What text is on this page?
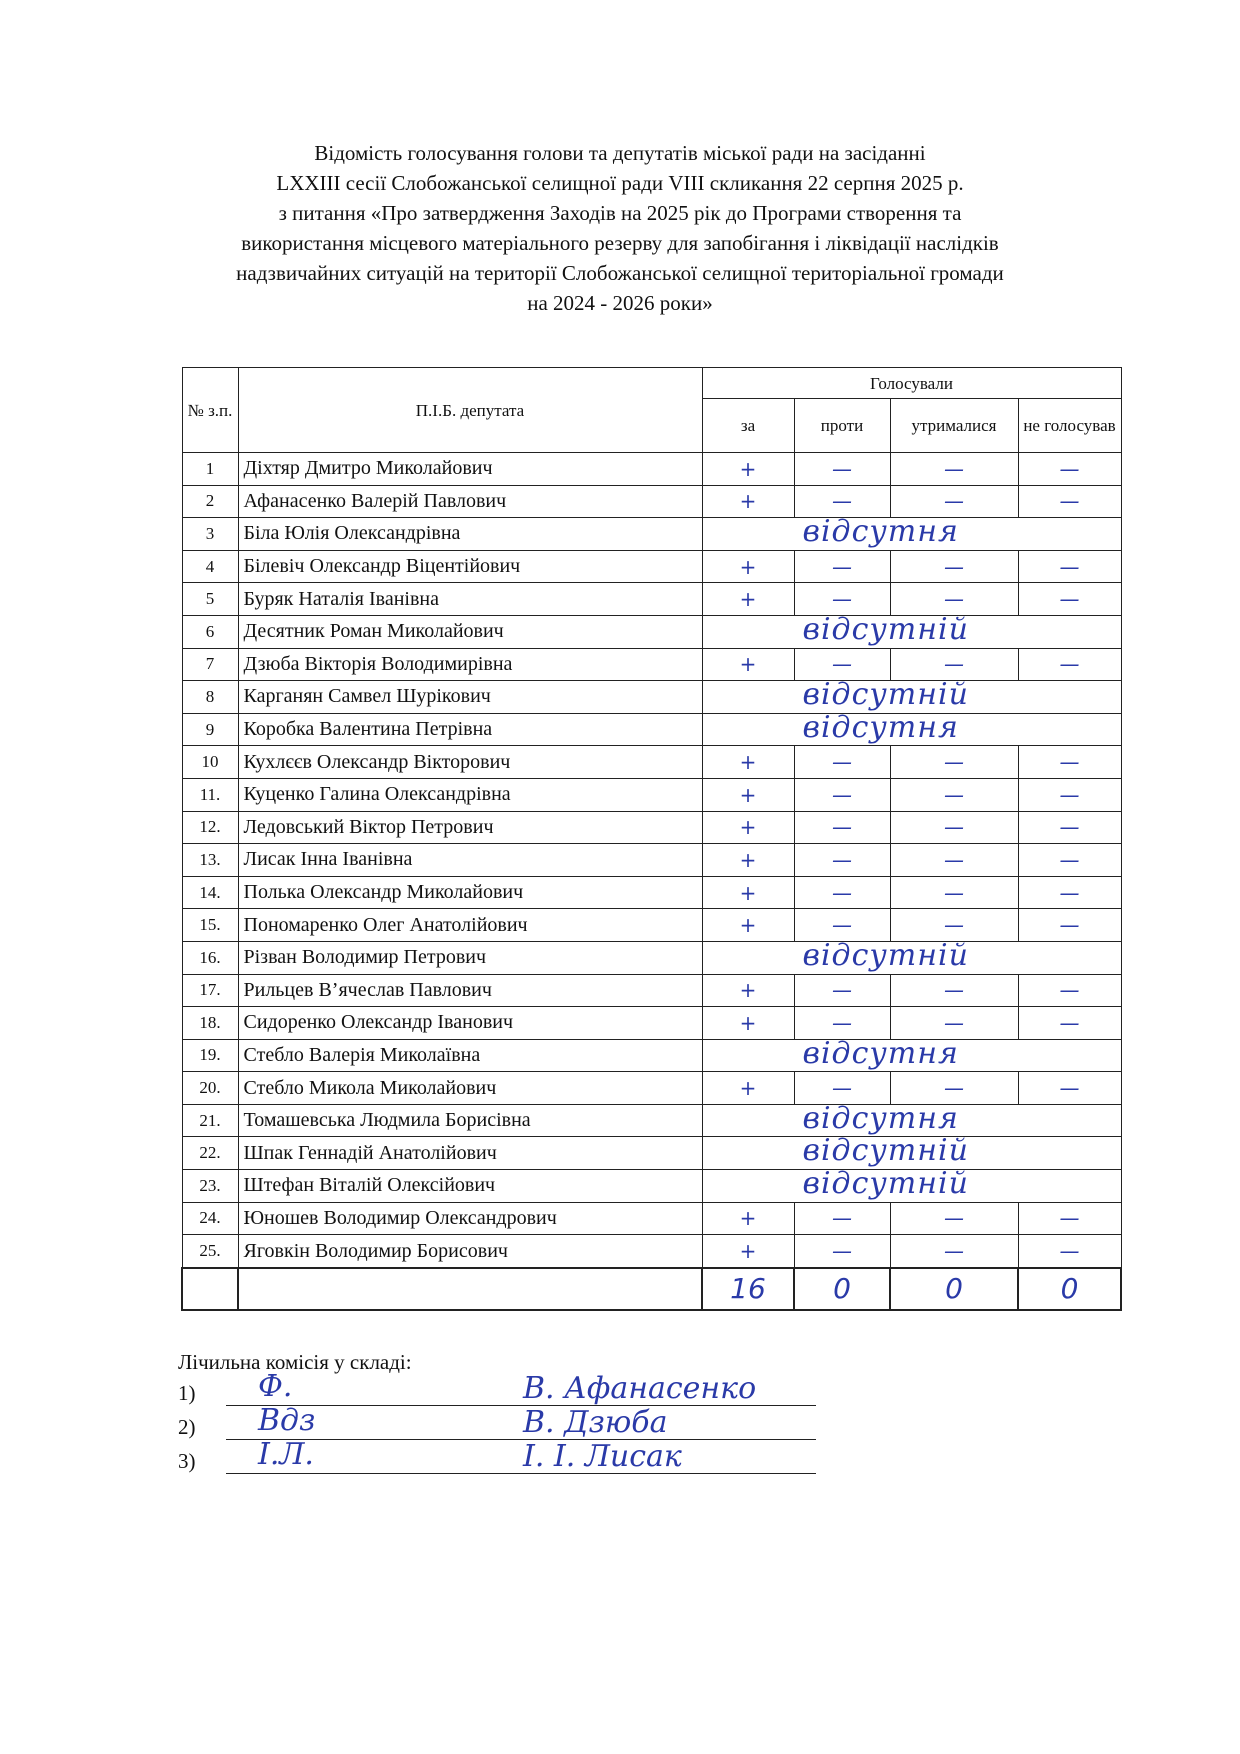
Відомість голосування голови та депутатів міської ради на засіданні
LXXIII сесії Слобожанської селищної ради VIII скликання 22 серпня 2025 р.
з питання «Про затвердження Заходів на 2025 рік до Програми створення та
використання місцевого матеріального резерву для запобігання і ліквідації наслідків
надзвичайних ситуацій на території Слобожанської селищної територіальної громади
на 2024 - 2026 роки»
№ з.п.	П.І.Б. депутата	Голосували			
		за	проти	утрималися	не голосував
1	Діхтяр Дмитро Миколайович	+	—	—	—
2	Афанасенко Валерій Павлович	+	—	—	—
3	Біла Юлія Олександрівна	відсутня			

4	Білевіч Олександр Віцентійович	+	—	—	—
5	Буряк Наталія Іванівна	+	—	—	—
6	Десятник Роман Миколайович	відсутній			

7	Дзюба Вікторія Володимирівна	+	—	—	—
8	Карганян Самвел Шурікович	відсутній			

9	Коробка Валентина Петрівна	відсутня			

10	Кухлєєв Олександр Вікторович	+	—	—	—
11.	Куценко Галина Олександрівна	+	—	—	—
12.	Ледовський Віктор Петрович	+	—	—	—
13.	Лисак Інна Іванівна	+	—	—	—
14.	Полька Олександр Миколайович	+	—	—	—
15.	Пономаренко Олег Анатолійович	+	—	—	—
16.	Різван Володимир Петрович	відсутній			

17.	Рильцев В’ячеслав Павлович	+	—	—	—
18.	Сидоренко Олександр Іванович	+	—	—	—
19.	Стебло Валерія Миколаївна	відсутня			

20.	Стебло Микола Миколайович	+	—	—	—
21.	Томашевська Людмила Борисівна	відсутня			

22.	Шпак Геннадій Анатолійович	відсутній			

23.	Штефан Віталій Олексійович	відсутній			

24.	Юношев Володимир Олександрович	+	—	—	—
25.	Яговкін Володимир Борисович	+	—	—	—
		16	0	0	0
Лічильна комісія у складі:
1) Ф.	В. Афанасенко
2) Вдз	В. Дзюба
3) І.Л.	І. І. Лисак
